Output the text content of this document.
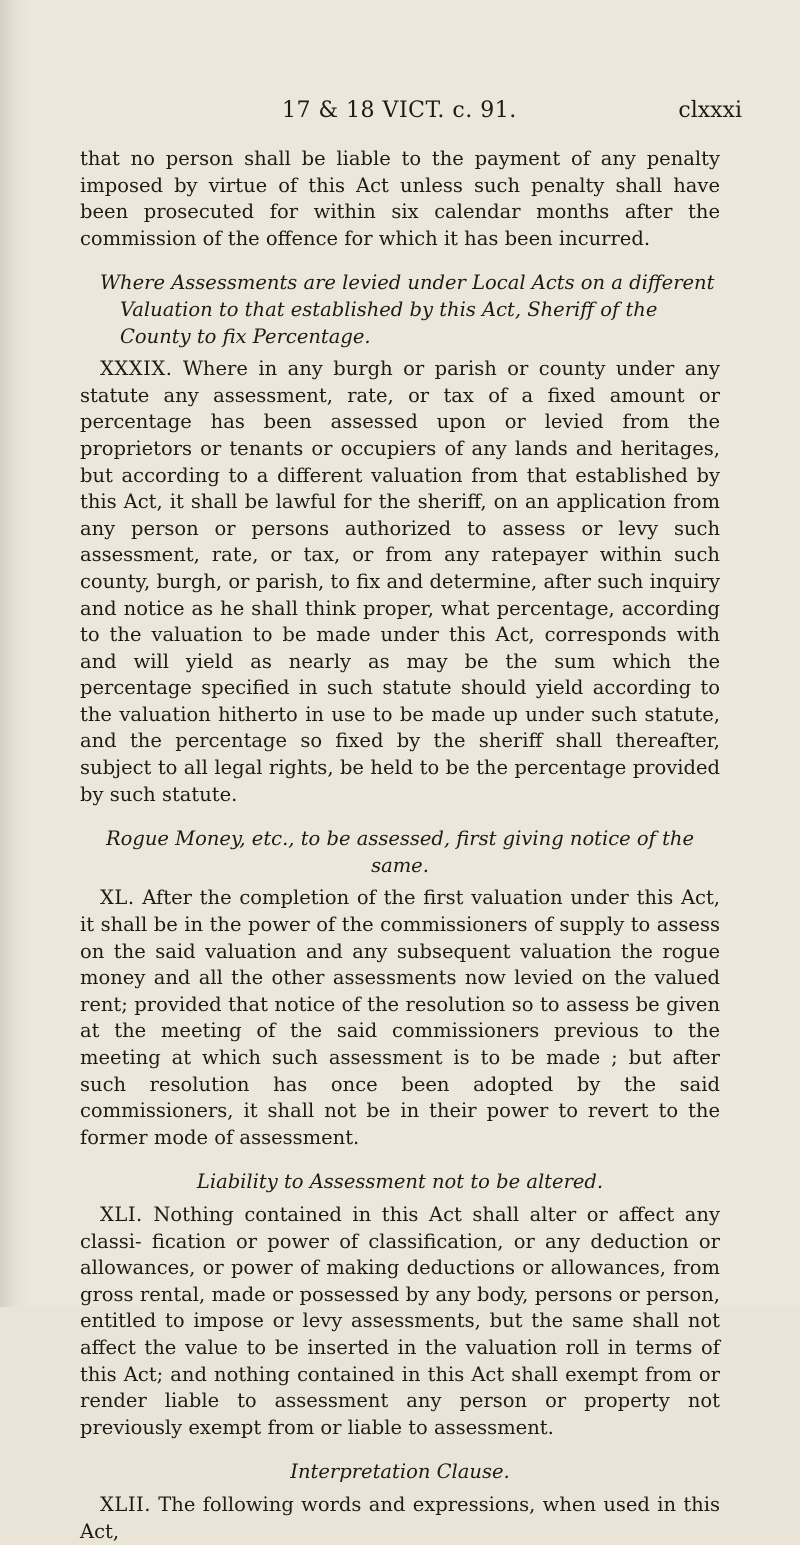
17 & 18 VICT. c. 91.	clxxxi

that no person shall be liable to the payment of any penalty imposed by virtue of this Act unless such penalty shall have been prosecuted for within six calendar months after the commission of the offence for which it has been incurred.

Where Assessments are levied under Local Acts on a different Valuation to that established by this Act, Sheriff of the County to fix Percentage.

XXXIX. Where in any burgh or parish or county under any statute any assessment, rate, or tax of a fixed amount or percentage has been assessed upon or levied from the proprietors or tenants or occupiers of any lands and heritages, but according to a different valuation from that established by this Act, it shall be lawful for the sheriff, on an application from any person or persons authorized to assess or levy such assessment, rate, or tax, or from any ratepayer within such county, burgh, or parish, to fix and determine, after such inquiry and notice as he shall think proper, what percentage, according to the valuation to be made under this Act, corresponds with and will yield as nearly as may be the sum which the percentage specified in such statute should yield according to the valuation hitherto in use to be made up under such statute, and the percentage so fixed by the sheriff shall thereafter, subject to all legal rights, be held to be the percentage provided by such statute.

Rogue Money, etc., to be assessed, first giving notice of the same.

XL. After the completion of the first valuation under this Act, it shall be in the power of the commissioners of supply to assess on the said valuation and any subsequent valuation the rogue money and all the other assessments now levied on the valued rent; provided that notice of the resolution so to assess be given at the meeting of the said commissioners previous to the meeting at which such assessment is to be made ; but after such resolution has once been adopted by the said commissioners, it shall not be in their power to revert to the former mode of assessment.

Liability to Assessment not to be altered.

XLI. Nothing contained in this Act shall alter or affect any classi- fication or power of classification, or any deduction or allowances, or power of making deductions or allowances, from gross rental, made or possessed by any body, persons or person, entitled to impose or levy assessments, but the same shall not affect the value to be inserted in the valuation roll in terms of this Act; and nothing contained in this Act shall exempt from or render liable to assessment any person or property not previously exempt from or liable to assessment.

Interpretation Clause.

XLII. The following words and expressions, when used in this Act,
